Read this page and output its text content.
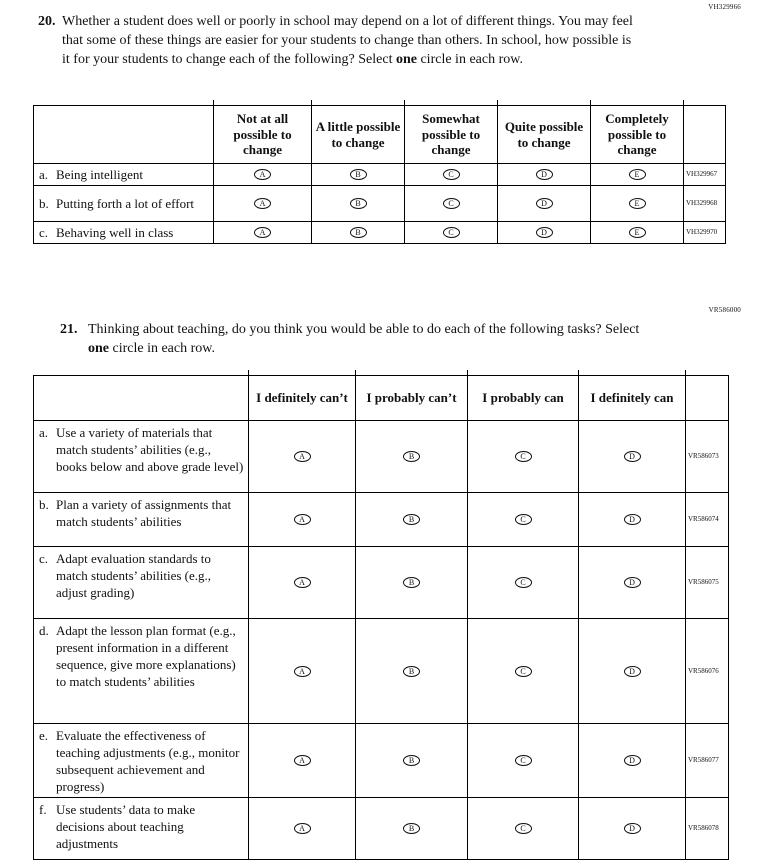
VH329966
20. Whether a student does well or poorly in school may depend on a lot of different things. You may feel that some of these things are easier for your students to change than others. In school, how possible is it for your students to change each of the following? Select one circle in each row.
	Not at all possible to change	A little possible to change	Somewhat possible to change	Quite possible to change	Completely possible to change	

a. Being intelligent	A	B	C	D	E	VH329967

b. Putting forth a lot of effort	A	B	C	D	E	VH329968

c. Behaving well in class	A	B	C	D	E	VH329970
VR586000
21. Thinking about teaching, do you think you would be able to do each of the following tasks? Select one circle in each row.
	I definitely can’t	I probably can’t	I probably can	I definitely can	

a. Use a variety of materials that match students’ abilities (e.g., books below and above grade level)	A	B	C	D	VR586073

b. Plan a variety of assignments that match students’ abilities	A	B	C	D	VR586074

c. Adapt evaluation standards to match students’ abilities (e.g., adjust grading)	A	B	C	D	VR586075

d. Adapt the lesson plan format (e.g., present information in a different sequence, give more explanations) to match students’ abilities	A	B	C	D	VR586076

e. Evaluate the effectiveness of teaching adjustments (e.g., monitor subsequent achievement and progress)	A	B	C	D	VR586077

f. Use students’ data to make decisions about teaching adjustments	A	B	C	D	VR586078
